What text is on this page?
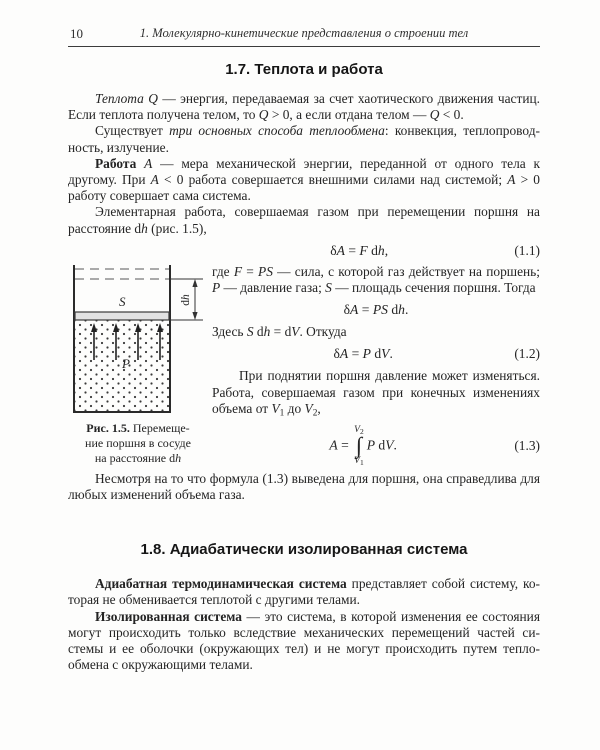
10	1. Молекулярно-кинетические представления о строении тел
1.7. Теплота и работа

Теплота Q — энергия, передаваемая за счет хаотического движения частиц. Если теплота получена телом, то Q > 0, а если отдана телом — Q < 0.

Существует три основных способа теплообмена: конвекция, теплопроводность, излучение.

Работа A — мера механической энергии, переданной от одного тела к другому. При A < 0 работа совершается внешними силами над системой; A > 0 работу совершает сама система.

Элементарная работа, совершаемая газом при перемещении поршня на расстояние dh (рис. 1.5),

δA = F dh,	(1.1)
S
P
dh
Рис. 1.5. Перемеще-
ние поршня в сосуде
на расстояние dh

где F = PS — сила, с которой газ действует на поршень; P — давление газа; S — площадь сечения поршня. Тогда

δA = PS dh.

Здесь S dh = dV. Откуда

δA = P dV.	(1.2)

При поднятии поршня давление может изменяться. Работа, совершаемая газом при конечных изменениях объема от $V_1$ до $V_2$,

A =
$V_2$
∫
$V_1$
P dV.	(1.3)

Несмотря на то что формула (1.3) выведена для поршня, она справедлива для любых изменений объема газа.

1.8. Адиабатически изолированная система

Адиабатная термодинамическая система представляет собой систему, которая не обменивается теплотой с другими телами.

Изолированная система — это система, в которой изменения ее состояния могут происходить только вследствие механических перемещений частей системы и ее оболочки (окружающих тел) и не могут происходить путем теплообмена с окружающими телами.
